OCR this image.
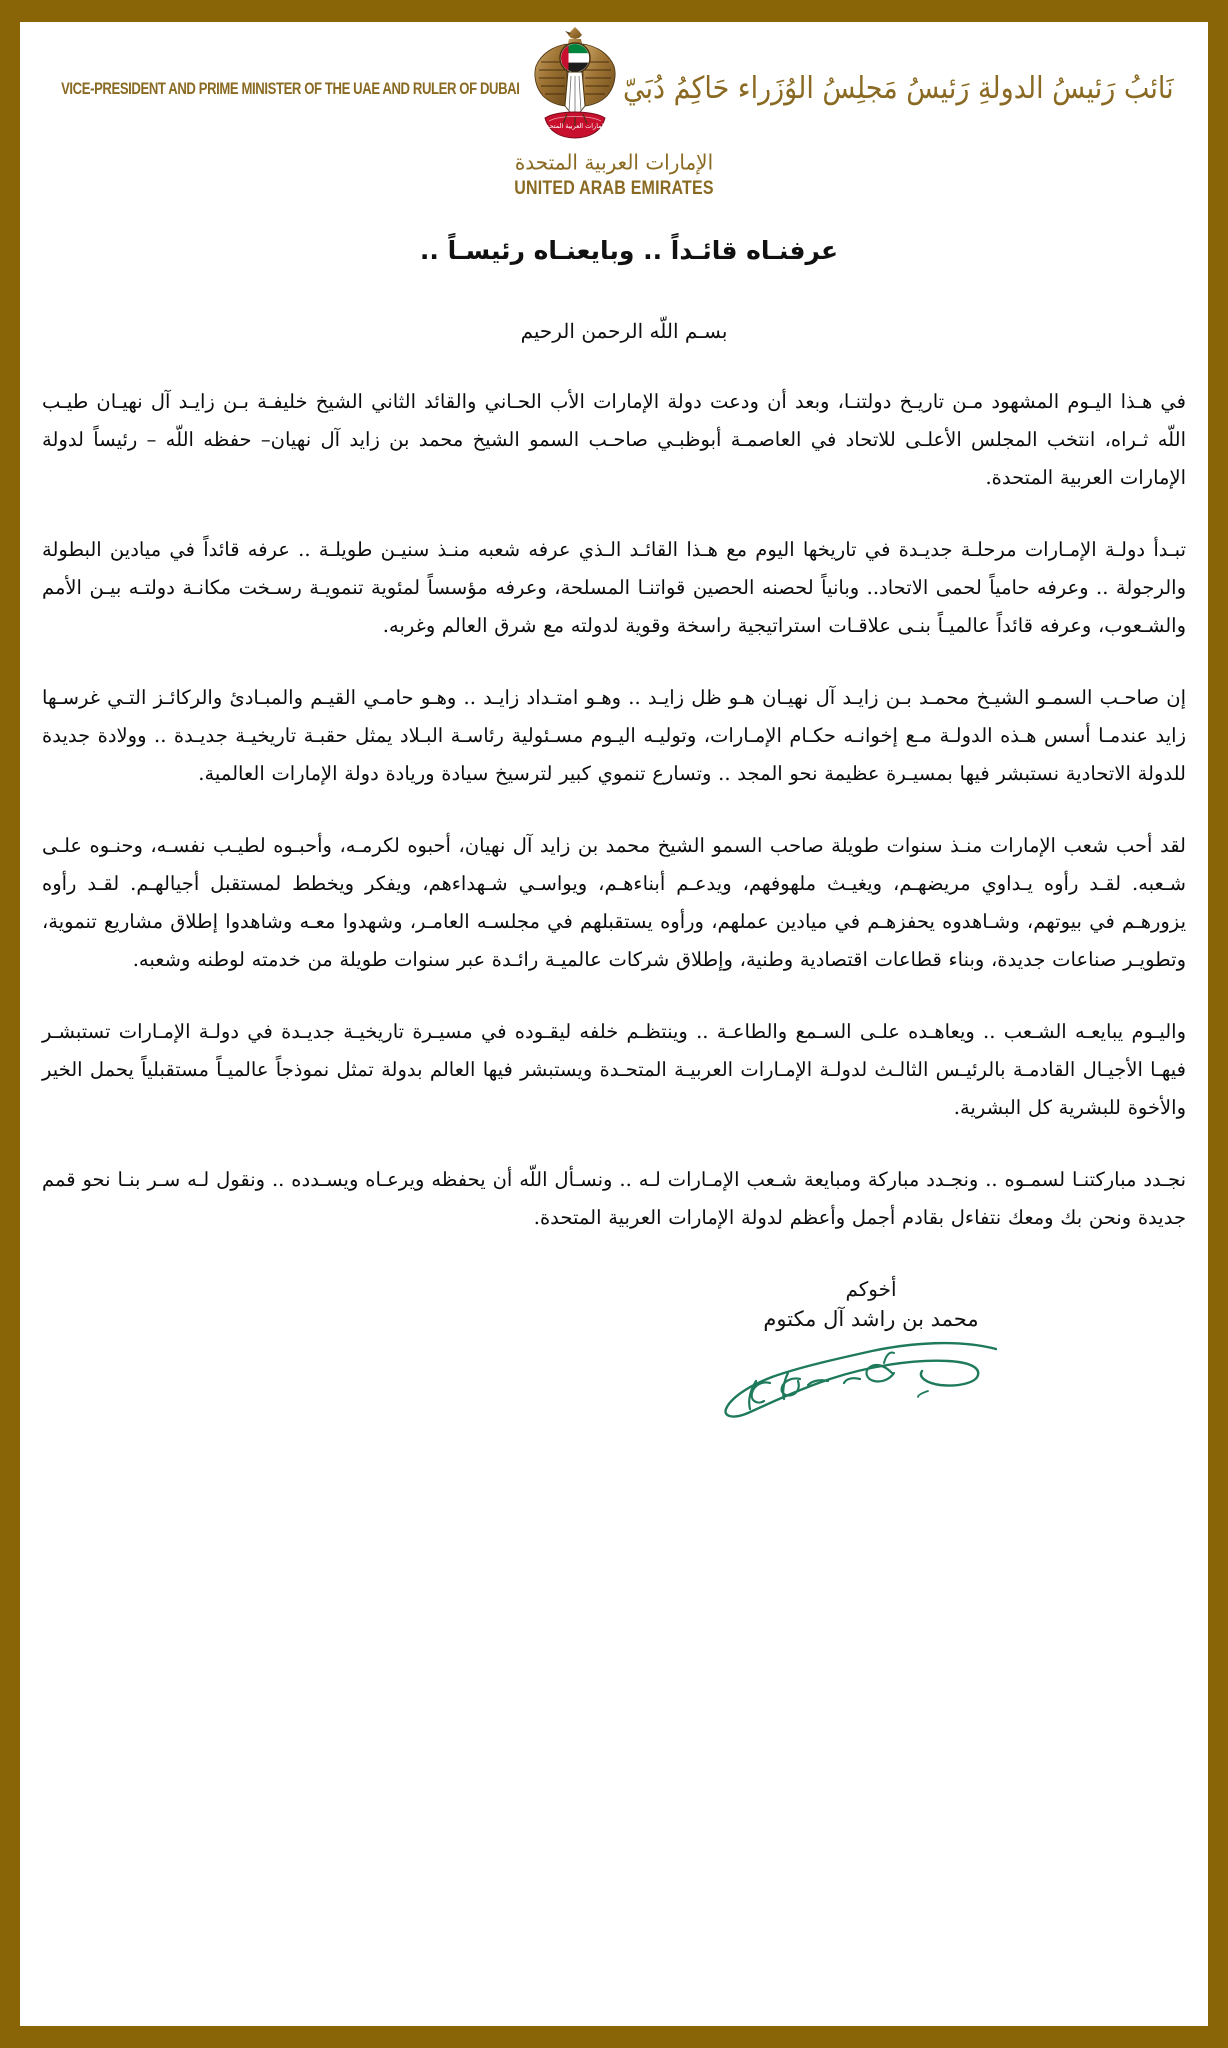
نَائبُ رَئيسُ الدولةِ رَئيسُ مَجلِسُ الوُزَراء حَاكِمُ دُبَيّ
الإمارات العربية المتحدة
VICE-PRESIDENT AND PRIME MINISTER OF THE UAE AND RULER OF DUBAI
الإمارات العربية المتحدة
UNITED ARAB EMIRATES
عرفنـاه قائـداً .. وبايعنـاه رئيسـاً ..
بسـم اللّه الرحمن الرحيم

في هـذا اليـوم المشهود مـن تاريـخ دولتنـا، وبعد أن ودعت دولة الإمارات الأب الحـاني والقائد الثاني الشيخ خليفـة بـن زايـد آل نهيـان طيـب اللّه ثـراه، انتخب المجلس الأعلـى للاتحاد في العاصمـة أبوظبـي صاحـب السمو الشيخ محمد بن زايد آل نهيان– حفظه اللّه – رئيساً لدولة الإمارات العربية المتحدة.

تبـدأ دولـة الإمـارات مرحلـة جديـدة في تاريخها اليوم مع هـذا القائـد الـذي عرفه شعبه منـذ سنيـن طويلـة .. عرفه قائداً في ميادين البطولة والرجولة .. وعرفه حامياً لحمى الاتحاد.. وبانياً لحصنه الحصين قواتنـا المسلحة، وعرفه مؤسساً لمئوية تنمويـة رسـخت مكانـة دولتـه بيـن الأمم والشـعوب، وعرفه قائداً عالميـاً بنـى علاقـات استراتيجية راسخة وقوية لدولته مع شرق العالم وغربه.

إن صاحـب السمـو الشيـخ محمـد بـن زايـد آل نهيـان هـو ظل زايـد .. وهـو امتـداد زايـد .. وهـو حامـي القيـم والمبـادئ والركائـز التـي غرسـها زايد عندمـا أسس هـذه الدولـة مـع إخوانـه حكـام الإمـارات، وتوليـه اليـوم مسـئولية رئاسـة البـلاد يمثل حقبـة تاريخيـة جديـدة .. وولادة جديدة للدولة الاتحادية نستبشر فيها بمسيـرة عظيمة نحو المجد .. وتسارع تنموي كبير لترسيخ سيادة وريادة دولة الإمارات العالمية.

لقد أحب شعب الإمارات منـذ سنوات طويلة صاحب السمو الشيخ محمد بن زايد آل نهيان، أحبوه لكرمـه، وأحبـوه لطيـب نفسـه، وحنـوه علـى شـعبه. لقـد رأوه يـداوي مريضهـم، ويغيـث ملهوفهم، ويدعـم أبناءهـم، ويواسـي شـهداءهم، ويفكر ويخطط لمستقبل أجيالهـم. لقـد رأوه يزورهـم في بيوتهم، وشـاهدوه يحفزهـم في ميادين عملهم، ورأوه يستقبلهم في مجلسـه العامـر، وشهدوا معـه وشاهدوا إطلاق مشاريع تنموية، وتطويـر صناعات جديدة، وبناء قطاعات اقتصادية وطنية، وإطلاق شركات عالميـة رائـدة عبر سنوات طويلة من خدمته لوطنه وشعبه.

واليـوم يبايعـه الشـعب .. ويعاهـده علـى السـمع والطاعـة .. وينتظـم خلفه ليقـوده في مسيـرة تاريخيـة جديـدة في دولـة الإمـارات تستبشـر فيهـا الأجيـال القادمـة بالرئيـس الثالـث لدولـة الإمـارات العربيـة المتحـدة ويستبشر فيها العالم بدولة تمثل نموذجاً عالميـاً مستقبلياً يحمل الخير والأخوة للبشرية كل البشرية.

نجـدد مباركتنـا لسمـوه .. ونجـدد مباركة ومبايعة شـعب الإمـارات لـه .. ونسـأل اللّه أن يحفظه ويرعـاه ويسـدده .. ونقول لـه سـر بنـا نحو قمم جديدة ونحن بك ومعك نتفاءل بقادم أجمل وأعظم لدولة الإمارات العربية المتحدة.

أخوكم
محمد بن راشد آل مكتوم
